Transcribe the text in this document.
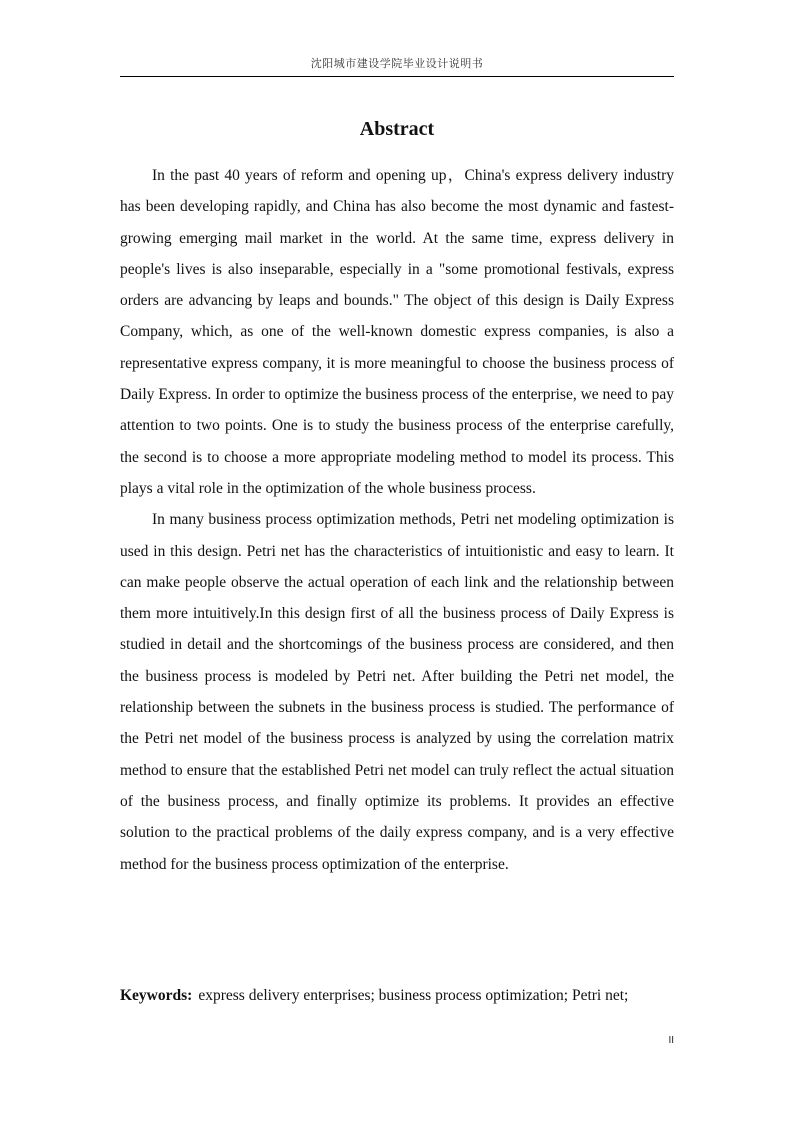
沈阳城市建设学院毕业设计说明书
Abstract

In the past 40 years of reform and opening up，China's express delivery industry has been developing rapidly, and China has also become the most dynamic and fastest-growing emerging mail market in the world. At the same time, express delivery in people's lives is also inseparable, especially in a "some promotional festivals, express orders are advancing by leaps and bounds." The object of this design is Daily Express Company, which, as one of the well-known domestic express companies, is also a representative express company, it is more meaningful to choose the business process of Daily Express. In order to optimize the business process of the enterprise, we need to pay attention to two points. One is to study the business process of the enterprise carefully, the second is to choose a more appropriate modeling method to model its process. This plays a vital role in the optimization of the whole business process.

In many business process optimization methods, Petri net modeling optimization is used in this design. Petri net has the characteristics of intuitionistic and easy to learn. It can make people observe the actual operation of each link and the relationship between them more intuitively.In this design first of all the business process of Daily Express is studied in detail and the shortcomings of the business process are considered, and then the business process is modeled by Petri net. After building the Petri net model, the relationship between the subnets in the business process is studied. The performance of the Petri net model of the business process is analyzed by using the correlation matrix method to ensure that the established Petri net model can truly reflect the actual situation of the business process, and finally optimize its problems. It provides an effective solution to the practical problems of the daily express company, and is a very effective method for the business process optimization of the enterprise.

Keywords: express delivery enterprises; business process optimization; Petri net;
II
